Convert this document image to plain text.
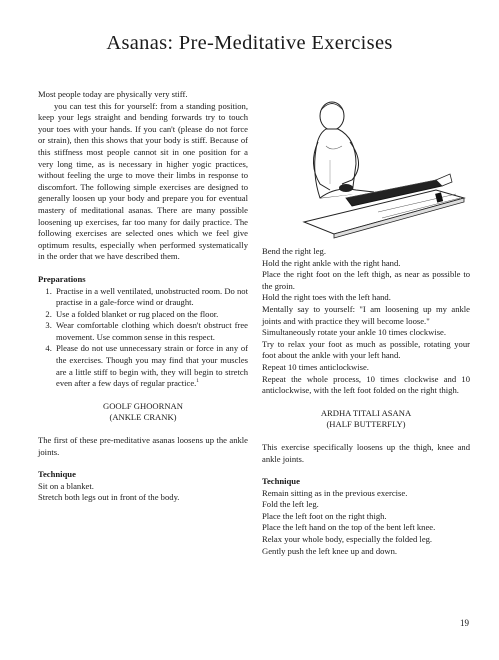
Asanas: Pre-Meditative Exercises

Most people today are physically very stiff.

you can test this for yourself: from a standing position, keep your legs straight and bending forwards try to touch your toes with your hands. If you can't (please do not force or strain), then this shows that your body is stiff. Because of this stiffness most people cannot sit in one position for a very long time, as is necessary in higher yogic practices, without feeling the urge to move their limbs in response to discomfort. The following simple exercises are designed to generally loosen up your body and prepare you for eventual mastery of meditational asanas. There are many possible loosening up exercises, far too many for daily practice. The following exercises are selected ones which we feel give optimum results, especially when performed systematically in the order that we have described them.

Preparations

1. Practise in a well ventilated, unobstructed room. Do not practise in a gale-force wind or draught.
2. Use a folded blanket or rug placed on the floor.
3. Wear comfortable clothing which doesn't obstruct free movement. Use common sense in this respect.
4. Please do not use unnecessary strain or force in any of the exercises. Though you may find that your muscles are a little stiff to begin with, they will begin to stretch even after a few days of regular practice.$^1$

GOOLF GHOORNAN

(ANKLE CRANK)

The first of these pre-meditative asanas loosens up the ankle joints.

Technique

Sit on a blanket.

Stretch both legs out in front of the body.

Bend the right leg.

Hold the right ankle with the right hand.

Place the right foot on the left thigh, as near as possible to the groin.

Hold the right toes with the left hand.

Mentally say to yourself: "I am loosening up my ankle joints and with practice they will become loose."

Simultaneously rotate your ankle 10 times clockwise.

Try to relax your foot as much as possible, rotating your foot about the ankle with your left hand.

Repeat 10 times anticlockwise.

Repeat the whole process, 10 times clockwise and 10 anticlockwise, with the left foot folded on the right thigh.

ARDHA TITALI ASANA

(HALF BUTTERFLY)

This exercise specifically loosens up the thigh, knee and ankle joints.

Technique

Remain sitting as in the previous exercise.

Fold the left leg.

Place the left foot on the right thigh.

Place the left hand on the top of the bent left knee.

Relax your whole body, especially the folded leg.

Gently push the left knee up and down.

19
